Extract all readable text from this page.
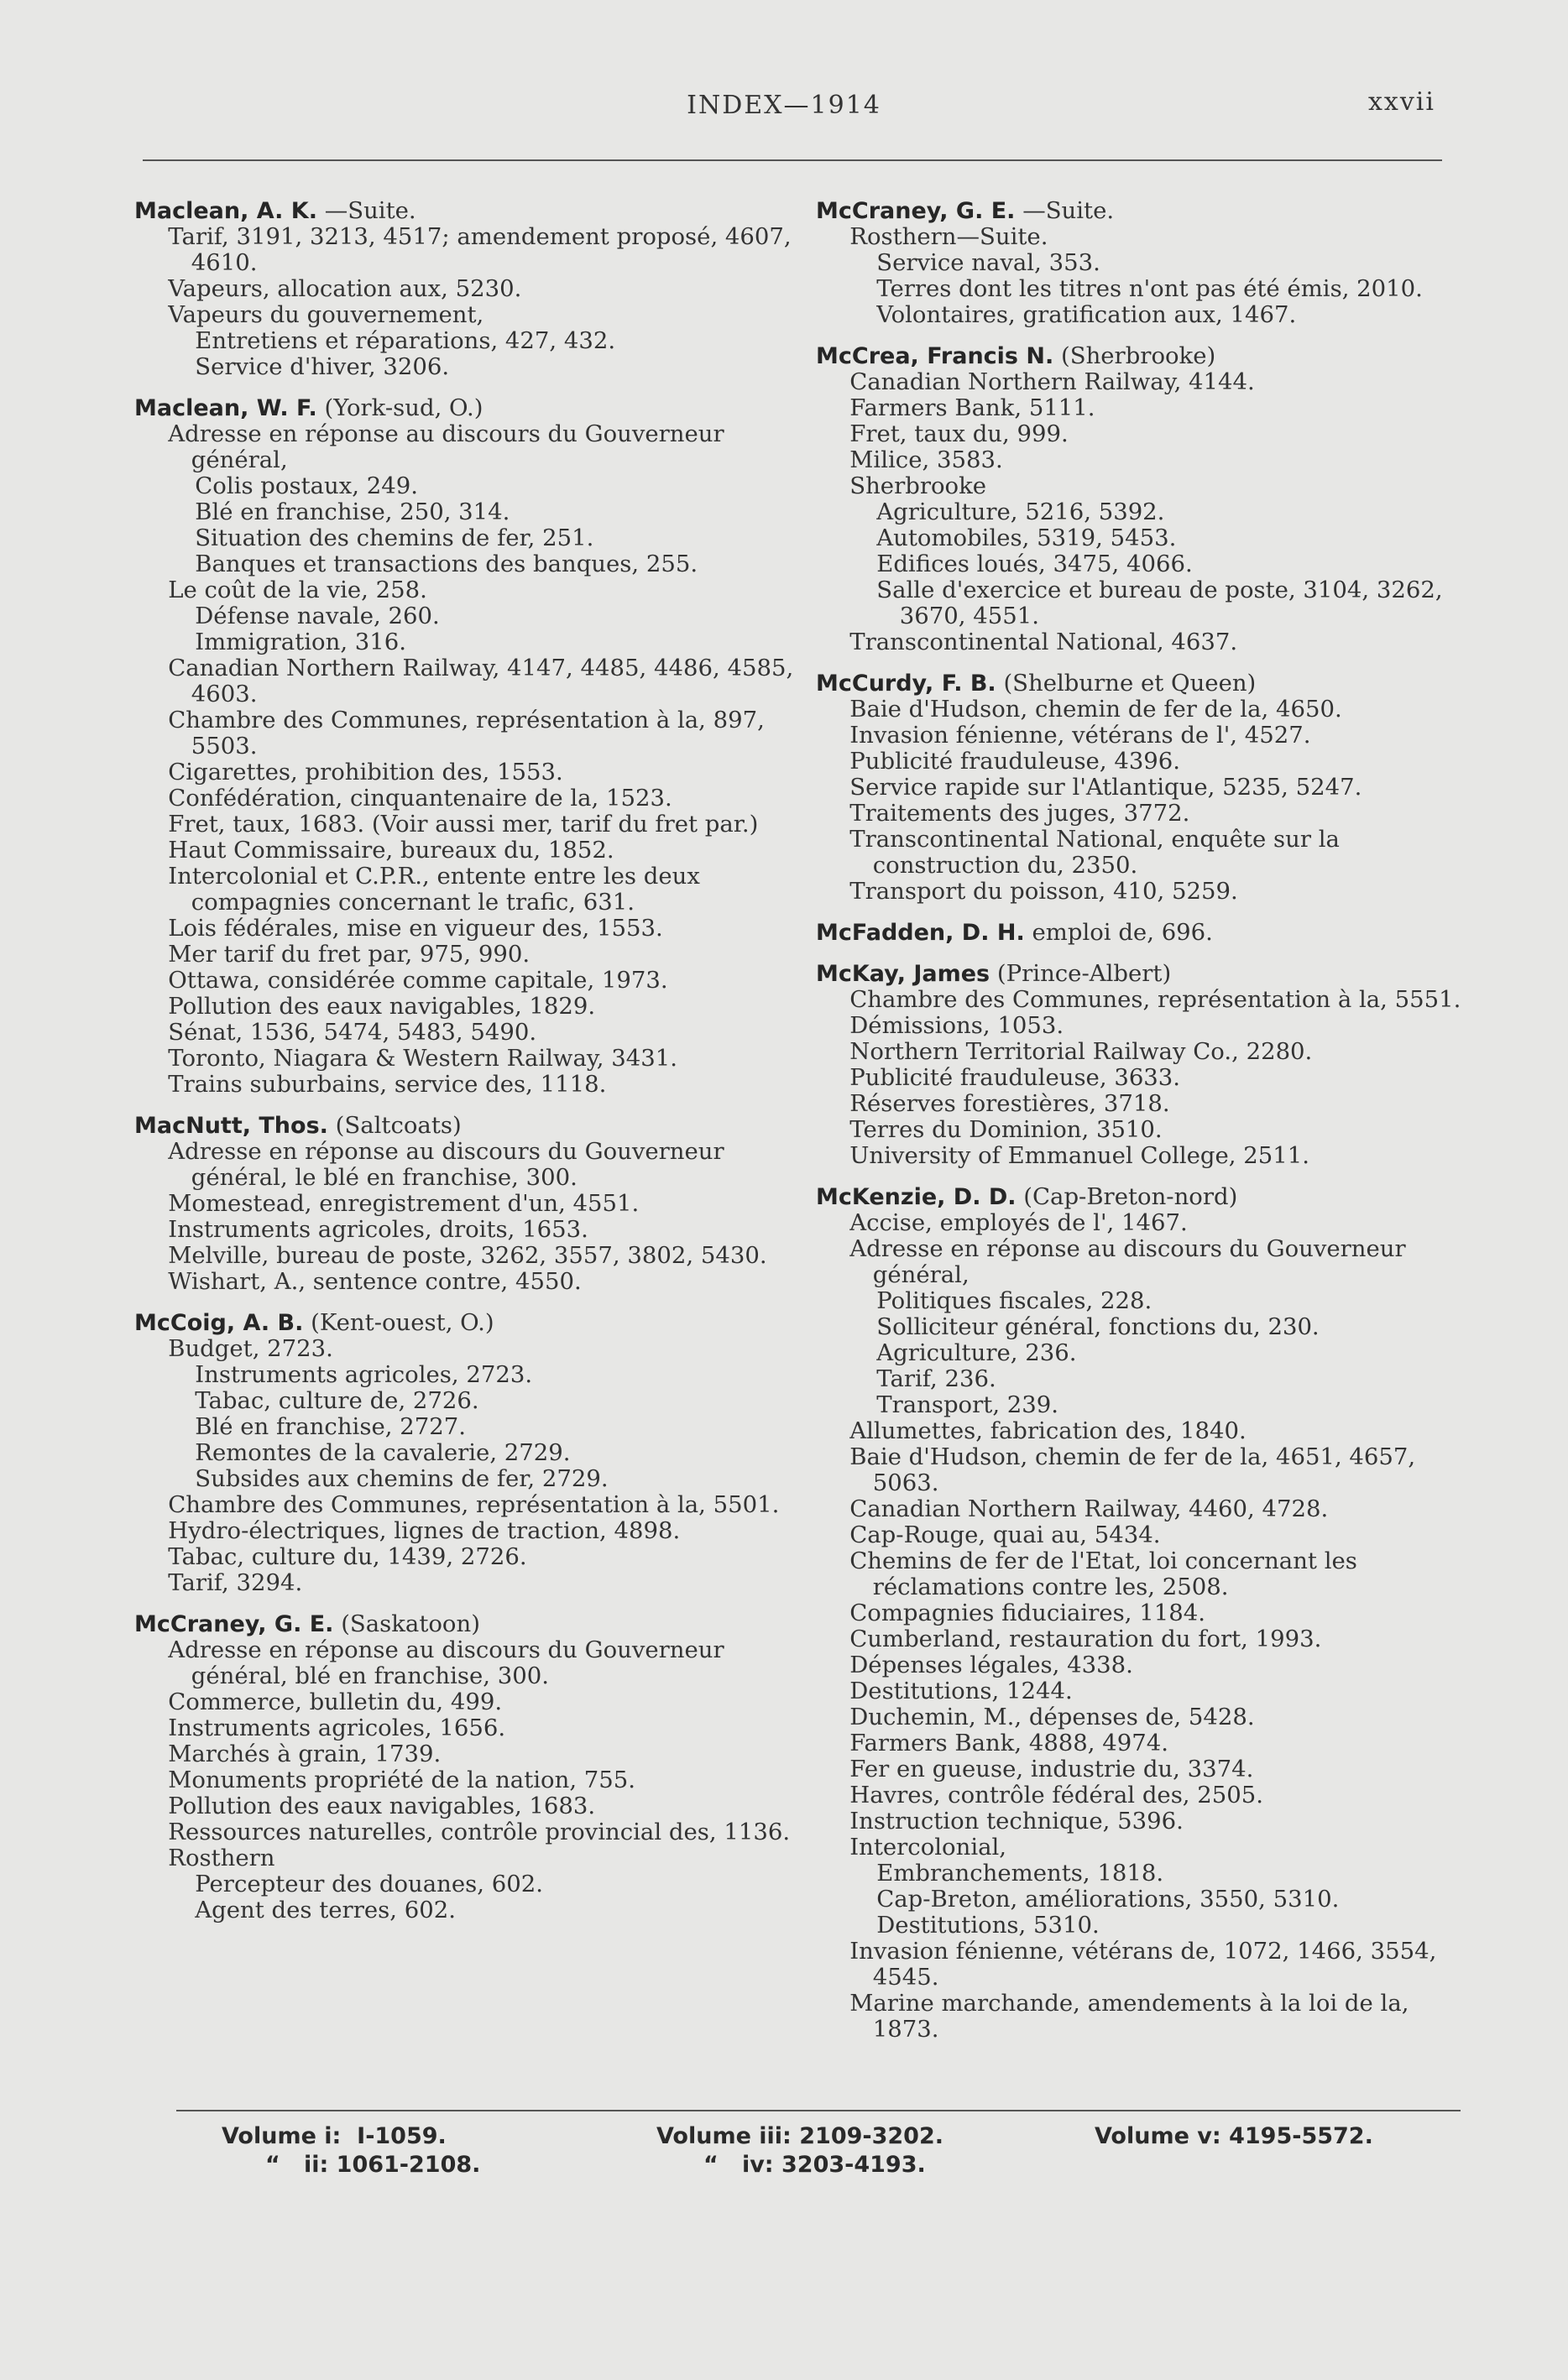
INDEX—1914	xxvii
Maclean, A. K. —Suite.
Tarif, 3191, 3213, 4517; amendement proposé, 4607, 4610.
Vapeurs, allocation aux, 5230.
Vapeurs du gouvernement,
Entretiens et réparations, 427, 432.
Service d'hiver, 3206.
Maclean, W. F. (York-sud, O.)
Adresse en réponse au discours du Gouverneur général,
Colis postaux, 249.
Blé en franchise, 250, 314.
Situation des chemins de fer, 251.
Banques et transactions des banques, 255.
Le coût de la vie, 258.
Défense navale, 260.
Immigration, 316.
Canadian Northern Railway, 4147, 4485, 4486, 4585, 4603.
Chambre des Communes, représentation à la, 897, 5503.
Cigarettes, prohibition des, 1553.
Confédération, cinquantenaire de la, 1523.
Fret, taux, 1683. (Voir aussi mer, tarif du fret par.)
Haut Commissaire, bureaux du, 1852.
Intercolonial et C.P.R., entente entre les deux compagnies concernant le trafic, 631.
Lois fédérales, mise en vigueur des, 1553.
Mer tarif du fret par, 975, 990.
Ottawa, considérée comme capitale, 1973.
Pollution des eaux navigables, 1829.
Sénat, 1536, 5474, 5483, 5490.
Toronto, Niagara & Western Railway, 3431.
Trains suburbains, service des, 1118.
MacNutt, Thos. (Saltcoats)
Adresse en réponse au discours du Gouverneur général, le blé en franchise, 300.
Momestead, enregistrement d'un, 4551.
Instruments agricoles, droits, 1653.
Melville, bureau de poste, 3262, 3557, 3802, 5430.
Wishart, A., sentence contre, 4550.
McCoig, A. B. (Kent-ouest, O.)
Budget, 2723.
Instruments agricoles, 2723.
Tabac, culture de, 2726.
Blé en franchise, 2727.
Remontes de la cavalerie, 2729.
Subsides aux chemins de fer, 2729.
Chambre des Communes, représentation à la, 5501.
Hydro-électriques, lignes de traction, 4898.
Tabac, culture du, 1439, 2726.
Tarif, 3294.
McCraney, G. E. (Saskatoon)
Adresse en réponse au discours du Gouverneur général, blé en franchise, 300.
Commerce, bulletin du, 499.
Instruments agricoles, 1656.
Marchés à grain, 1739.
Monuments propriété de la nation, 755.
Pollution des eaux navigables, 1683.
Ressources naturelles, contrôle provincial des, 1136.
Rosthern
Percepteur des douanes, 602.
Agent des terres, 602.
McCraney, G. E. —Suite.
Rosthern—Suite.
Service naval, 353.
Terres dont les titres n'ont pas été émis, 2010.
Volontaires, gratification aux, 1467.
McCrea, Francis N. (Sherbrooke)
Canadian Northern Railway, 4144.
Farmers Bank, 5111.
Fret, taux du, 999.
Milice, 3583.
Sherbrooke
Agriculture, 5216, 5392.
Automobiles, 5319, 5453.
Edifices loués, 3475, 4066.
Salle d'exercice et bureau de poste, 3104, 3262, 3670, 4551.
Transcontinental National, 4637.
McCurdy, F. B. (Shelburne et Queen)
Baie d'Hudson, chemin de fer de la, 4650.
Invasion fénienne, vétérans de l', 4527.
Publicité frauduleuse, 4396.
Service rapide sur l'Atlantique, 5235, 5247.
Traitements des juges, 3772.
Transcontinental National, enquête sur la construction du, 2350.
Transport du poisson, 410, 5259.
McFadden, D. H. emploi de, 696.
McKay, James (Prince-Albert)
Chambre des Communes, représentation à la, 5551.
Démissions, 1053.
Northern Territorial Railway Co., 2280.
Publicité frauduleuse, 3633.
Réserves forestières, 3718.
Terres du Dominion, 3510.
University of Emmanuel College, 2511.
McKenzie, D. D. (Cap-Breton-nord)
Accise, employés de l', 1467.
Adresse en réponse au discours du Gouverneur général,
Politiques fiscales, 228.
Solliciteur général, fonctions du, 230.
Agriculture, 236.
Tarif, 236.
Transport, 239.
Allumettes, fabrication des, 1840.
Baie d'Hudson, chemin de fer de la, 4651, 4657, 5063.
Canadian Northern Railway, 4460, 4728.
Cap-Rouge, quai au, 5434.
Chemins de fer de l'Etat, loi concernant les réclamations contre les, 2508.
Compagnies fiduciaires, 1184.
Cumberland, restauration du fort, 1993.
Dépenses légales, 4338.
Destitutions, 1244.
Duchemin, M., dépenses de, 5428.
Farmers Bank, 4888, 4974.
Fer en gueuse, industrie du, 3374.
Havres, contrôle fédéral des, 2505.
Instruction technique, 5396.
Intercolonial,
Embranchements, 1818.
Cap-Breton, améliorations, 3550, 5310.
Destitutions, 5310.
Invasion fénienne, vétérans de, 1072, 1466, 3554, 4545.
Marine marchande, amendements à la loi de la, 1873.
Volume i:  I-1059.
“   ii: 1061-2108.
Volume iii: 2109-3202.
“   iv: 3203-4193.
Volume v: 4195-5572.
